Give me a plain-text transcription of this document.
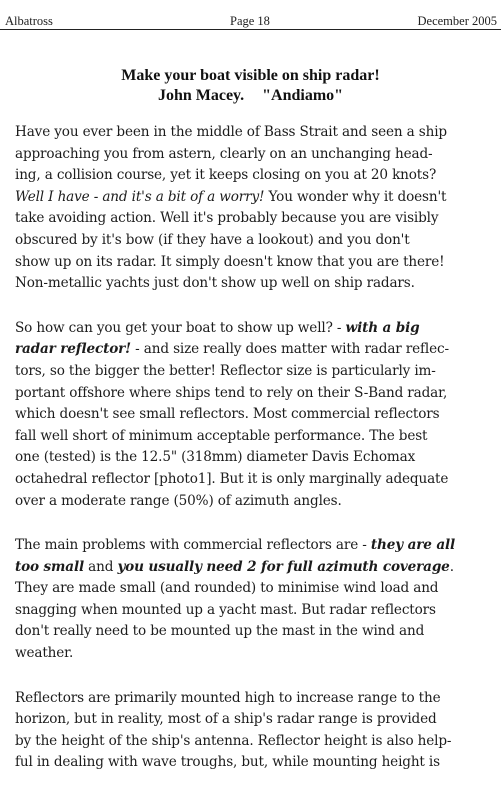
Albatross	Page 18	December 2005
Make your boat visible on ship radar!
John Macey. "Andiamo"

Have you ever been in the middle of Bass Strait and seen a ship
approaching you from astern, clearly on an unchanging head-
ing, a collision course, yet it keeps closing on you at 20 knots?
Well I have - and it's a bit of a worry! You wonder why it doesn't
take avoiding action. Well it's probably because you are visibly
obscured by it's bow (if they have a lookout) and you don't
show up on its radar. It simply doesn't know that you are there!
Non-metallic yachts just don't show up well on ship radars.

So how can you get your boat to show up well? - with a big
radar reflector! - and size really does matter with radar reflec-
tors, so the bigger the better! Reflector size is particularly im-
portant offshore where ships tend to rely on their S-Band radar,
which doesn't see small reflectors. Most commercial reflectors
fall well short of minimum acceptable performance. The best
one (tested) is the 12.5" (318mm) diameter Davis Echomax
octahedral reflector [photo1]. But it is only marginally adequate
over a moderate range (50%) of azimuth angles.

The main problems with commercial reflectors are - they are all
too small and you usually need 2 for full azimuth coverage.
They are made small (and rounded) to minimise wind load and
snagging when mounted up a yacht mast. But radar reflectors
don't really need to be mounted up the mast in the wind and
weather.

Reflectors are primarily mounted high to increase range to the
horizon, but in reality, most of a ship's radar range is provided
by the height of the ship's antenna. Reflector height is also help-
ful in dealing with wave troughs, but, while mounting height is
